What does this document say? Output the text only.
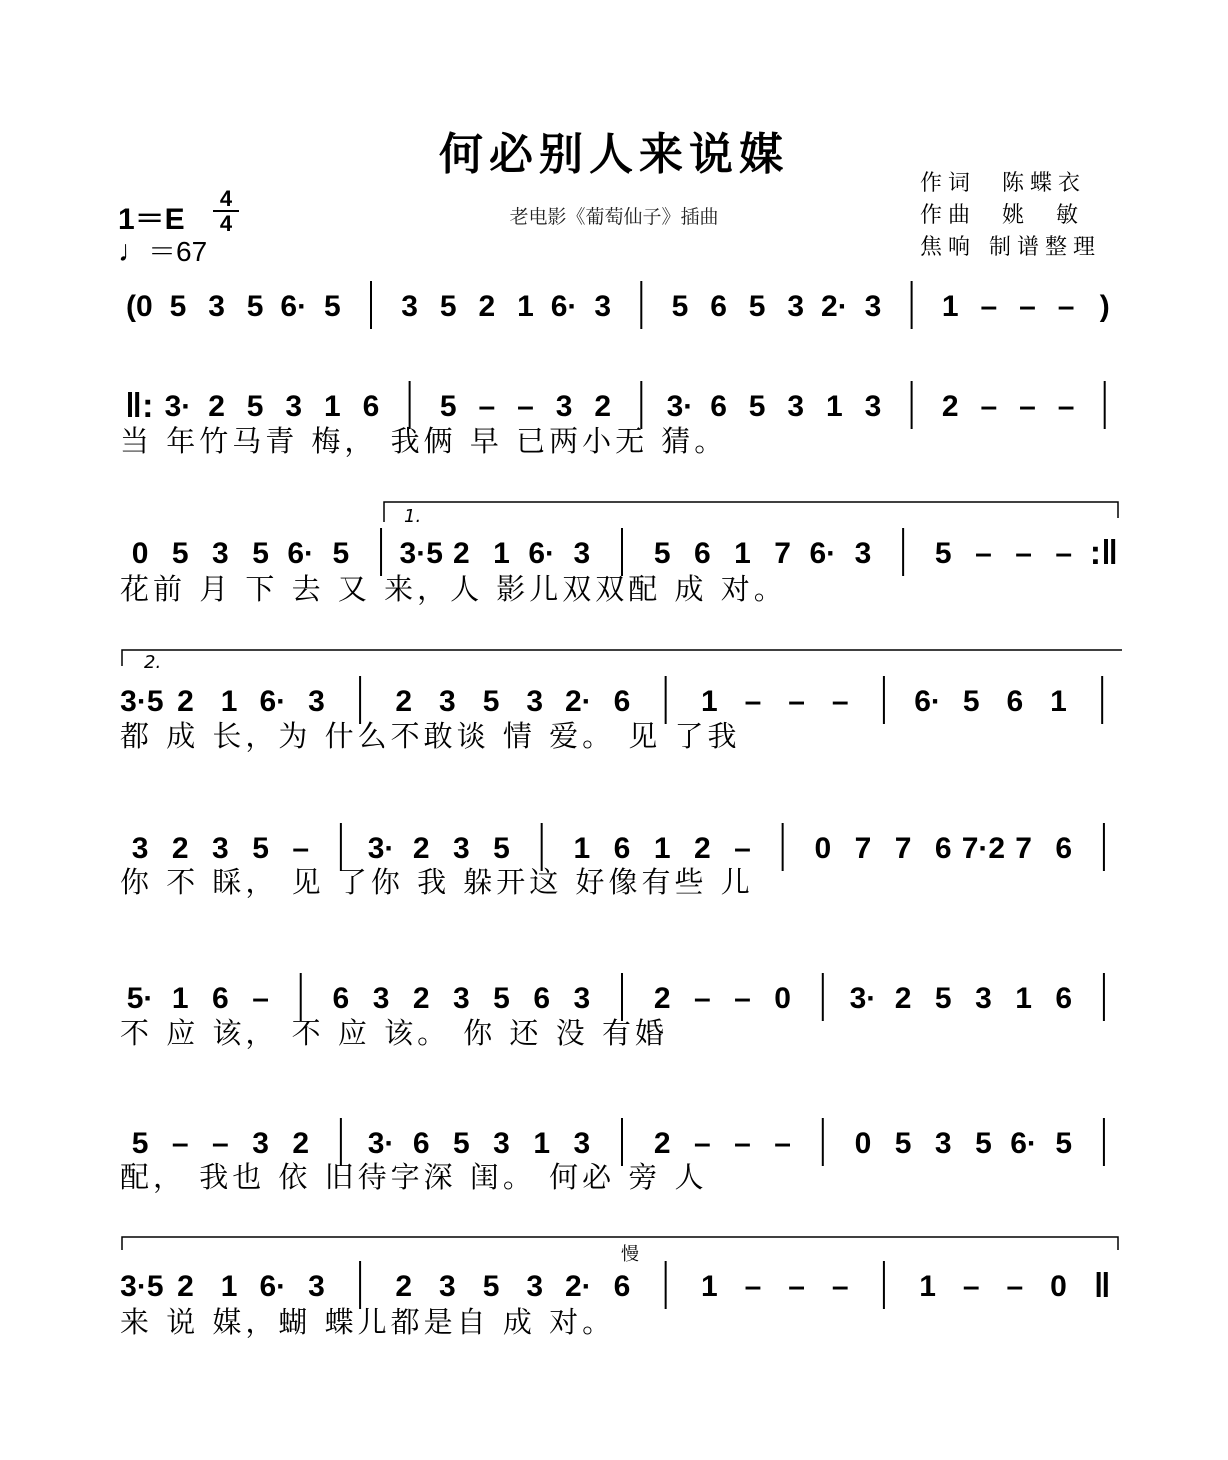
何必别人来说媒
老电影《葡萄仙子》插曲
作词  陈蝶衣
作曲  姚  敏
焦响 制谱整理
1＝E
4
4
♩＝67
(0 5 3 5 6· 5 3 5 2 1 6· 3 5 6 5 3 2· 3 1 – – – )
‖: 3· 2 5 3 1 6 5 – – 3 2 3· 6 5 3 1 3 2 – – –
0 5 3 5 6· 5 3·5 2 1 6· 3 5 6 1 7 6· 3 5 – – – :‖
3·5 2 1 6· 3 2 3 5 3 2· 6 1 – – – 6· 5 6 1
3 2 3 5 – 3· 2 3 5 1 6 1 2 – 0 7 7 6 7·2 7 6
5· 1 6 – 6 3 2 3 5 6 3 2 – – 0 3· 2 5 3 1 6
5 – – 3 2 3· 6 5 3 1 3 2 – – – 0 5 3 5 6· 5
3·5 2 1 6· 3 2 3 5 3 2· 6 1 – – – 1 – – 0 ‖
1.
2.
慢
当 年竹马青 梅， 我俩 早 已两小无 猜。
花前 月 下 去 又 来，人 影儿双双配 成 对。
都 成 长，为 什么不敢谈 情 爱。 见 了我
你 不 睬， 见 了你 我 躲开这 好像有些 儿
不 应 该， 不 应 该。 你 还 没 有婚
配， 我也 依 旧待字深 闺。 何必 旁 人
来 说 媒，蝴 蝶儿都是自 成 对。
